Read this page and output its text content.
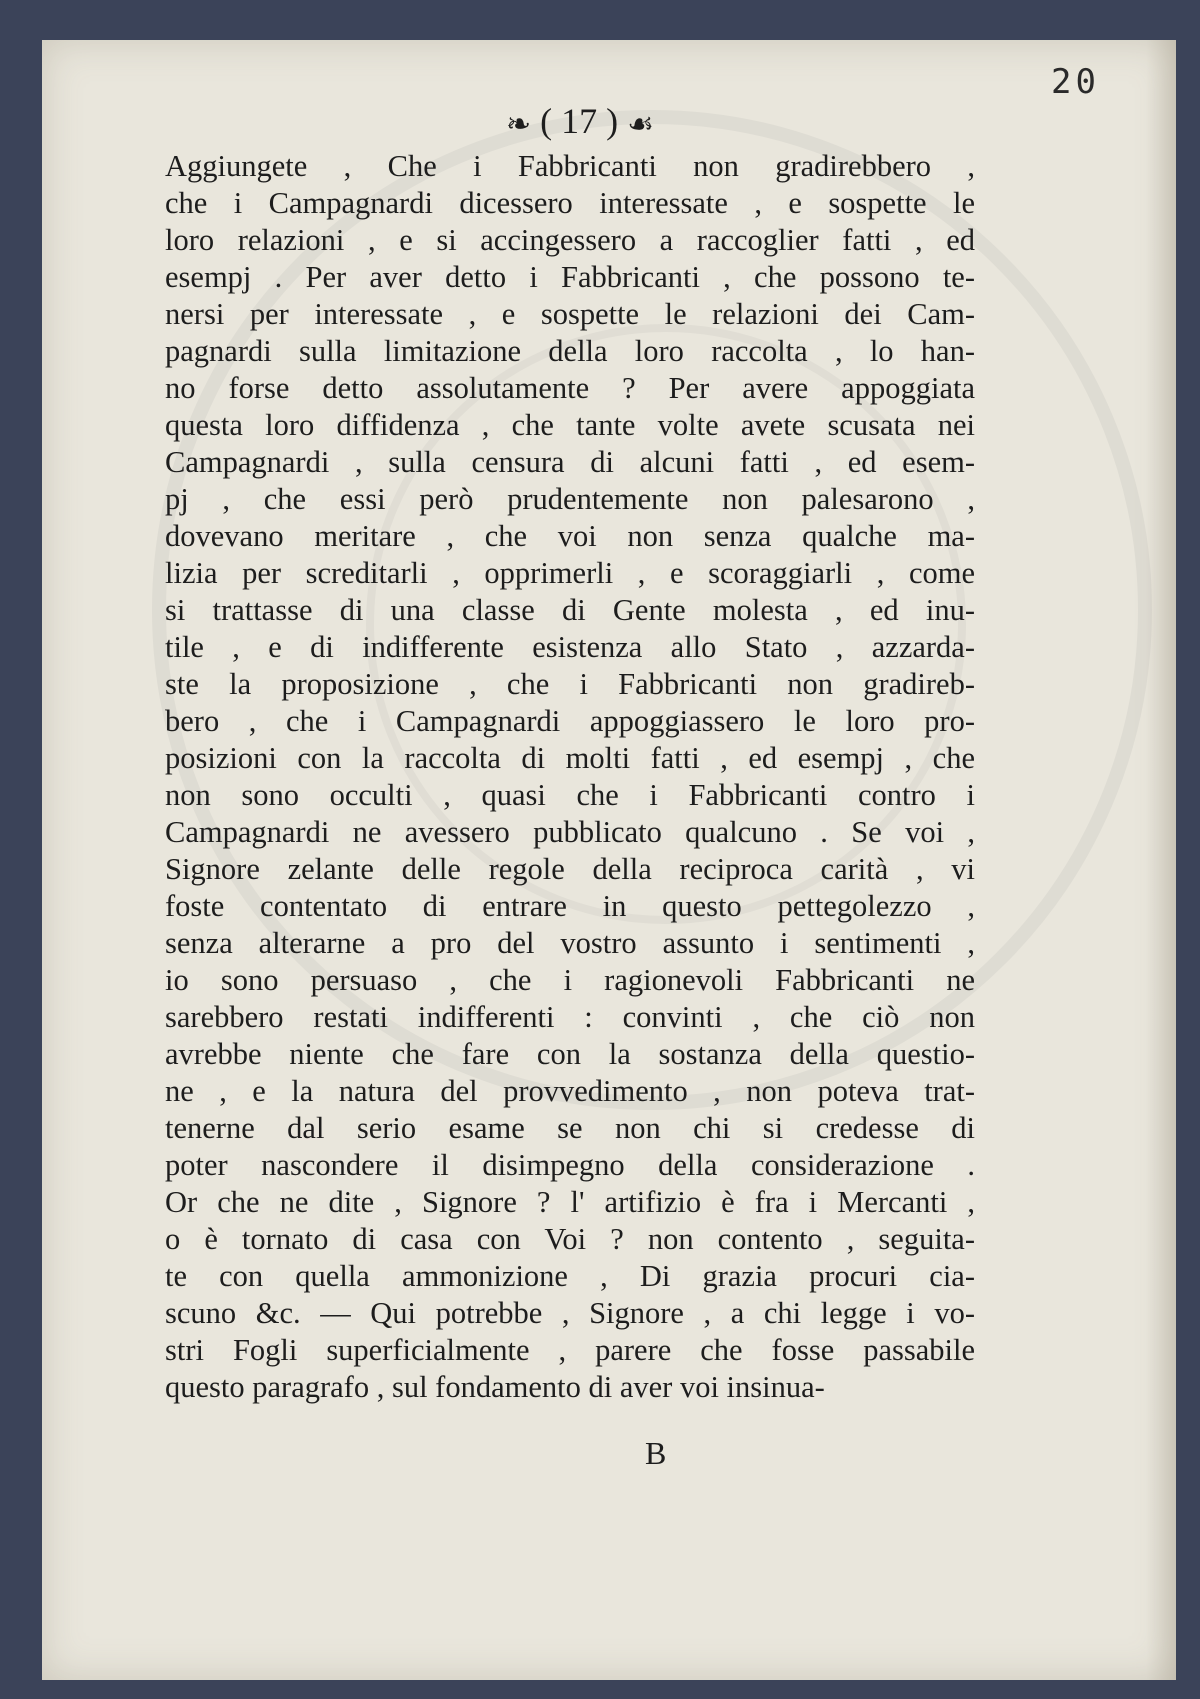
20
❧ ( 17 ) ☙
Aggiungete , Che i Fabbricanti non gradirebbero ,
che i Campagnardi dicessero interessate , e sospette le
loro relazioni , e si accingessero a raccoglier fatti , ed
esempj . Per aver detto i Fabbricanti , che possono te-
nersi per interessate , e sospette le relazioni dei Cam-
pagnardi sulla limitazione della loro raccolta , lo han-
no forse detto assolutamente ? Per avere appoggiata
questa loro diffidenza , che tante volte avete scusata nei
Campagnardi , sulla censura di alcuni fatti , ed esem-
pj , che essi però prudentemente non palesarono ,
dovevano meritare , che voi non senza qualche ma-
lizia per screditarli , opprimerli , e scoraggiarli , come
si trattasse di una classe di Gente molesta , ed inu-
tile , e di indifferente esistenza allo Stato , azzarda-
ste la proposizione , che i Fabbricanti non gradireb-
bero , che i Campagnardi appoggiassero le loro pro-
posizioni con la raccolta di molti fatti , ed esempj , che
non sono occulti , quasi che i Fabbricanti contro i
Campagnardi ne avessero pubblicato qualcuno . Se voi ,
Signore zelante delle regole della reciproca carità , vi
foste contentato di entrare in questo pettegolezzo ,
senza alterarne a pro del vostro assunto i sentimenti ,
io sono persuaso , che i ragionevoli Fabbricanti ne
sarebbero restati indifferenti : convinti , che ciò non
avrebbe niente che fare con la sostanza della questio-
ne , e la natura del provvedimento , non poteva trat-
tenerne dal serio esame se non chi si credesse di
poter nascondere il disimpegno della considerazione .
Or che ne dite , Signore ? l' artifizio è fra i Mercanti ,
o è tornato di casa con Voi ? non contento , seguita-
te con quella ammonizione , Di grazia procuri cia-
scuno &c. — Qui potrebbe , Signore , a chi legge i vo-
stri Fogli superficialmente , parere che fosse passabile
questo paragrafo , sul fondamento di aver voi insinua-
B
